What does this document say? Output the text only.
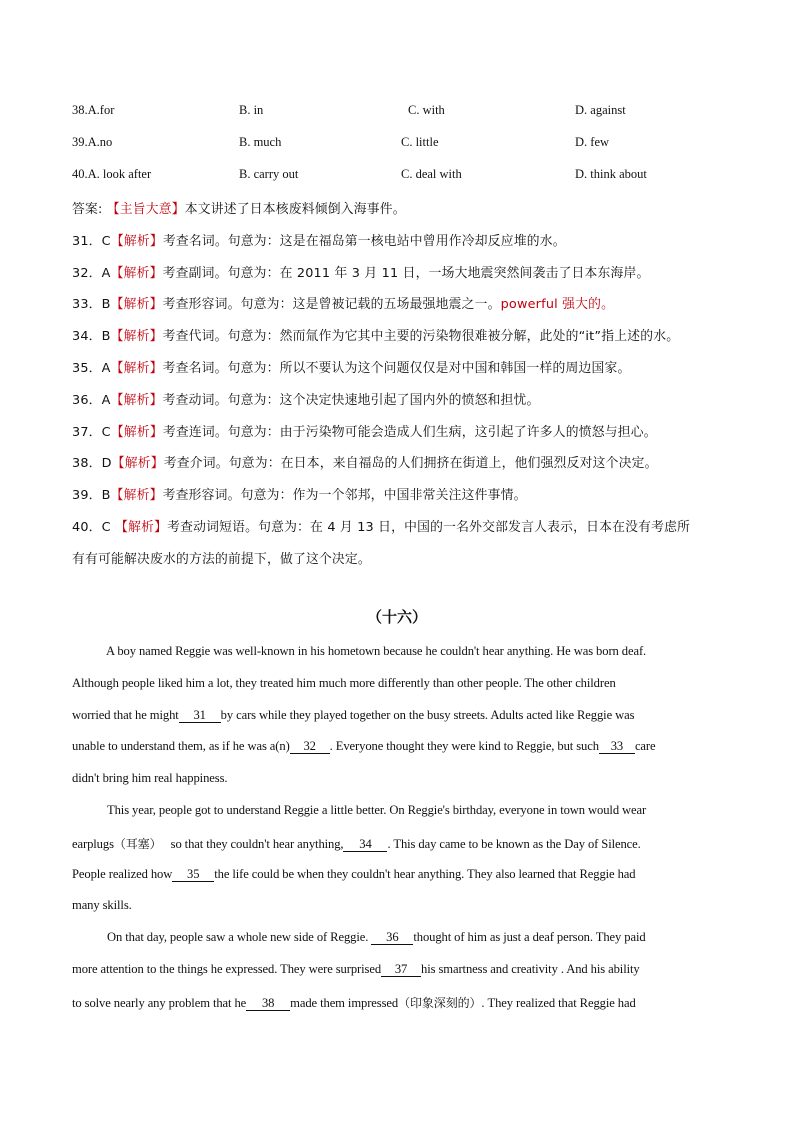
38.A.for	B. in	C. with	D. against
39.A.no	B. much	C. little	D. few
40.A. look after	B. carry out	C. deal with	D. think about
答案: 【主旨大意】本文讲述了日本核废料倾倒入海事件。
31．C【解析】考查名词。句意为：这是在福岛第一核电站中曾用作冷却反应堆的水。
32．A【解析】考查副词。句意为：在 2011 年 3 月 11 日，一场大地震突然间袭击了日本东海岸。
33．B【解析】考查形容词。句意为：这是曾被记载的五场最强地震之一。powerful 强大的。
34．B【解析】考查代词。句意为：然而氚作为它其中主要的污染物很难被分解，此处的“it”指上述的水。
35．A【解析】考查名词。句意为：所以不要认为这个问题仅仅是对中国和韩国一样的周边国家。
36．A【解析】考查动词。句意为：这个决定快速地引起了国内外的愤怒和担忧。
37．C【解析】考查连词。句意为：由于污染物可能会造成人们生病，这引起了许多人的愤怒与担心。
38．D【解析】考查介词。句意为：在日本，来自福岛的人们拥挤在街道上，他们强烈反对这个决定。
39．B【解析】考查形容词。句意为：作为一个邻邦，中国非常关注这件事情。
40．C 【解析】考查动词短语。句意为：在 4 月 13 日，中国的一名外交部发言人表示，日本在没有考虑所
有有可能解决废水的方法的前提下，做了这个决定。
（十六）
A boy named Reggie was well-known in his hometown because he couldn't hear anything. He was born deaf.
Although people liked him a lot, they treated him much more differently than other people. The other children
worried that he might 31 by cars while they played together on the busy streets. Adults acted like Reggie was
unable to understand them, as if he was a(n) 32 . Everyone thought they were kind to Reggie, but such 33 care
didn't bring him real happiness.
This year, people got to understand Reggie a little better. On Reggie's birthday, everyone in town would wear
earplugs（耳塞） so that they couldn't hear anything, 34 . This day came to be known as the Day of Silence.
People realized how 35 the life could be when they couldn't hear anything. They also learned that Reggie had
many skills.
On that day, people saw a whole new side of Reggie. 36 thought of him as just a deaf person. They paid
more attention to the things he expressed. They were surprised 37 his smartness and creativity . And his ability
to solve nearly any problem that he 38 made them impressed（印象深刻的）. They realized that Reggie had
